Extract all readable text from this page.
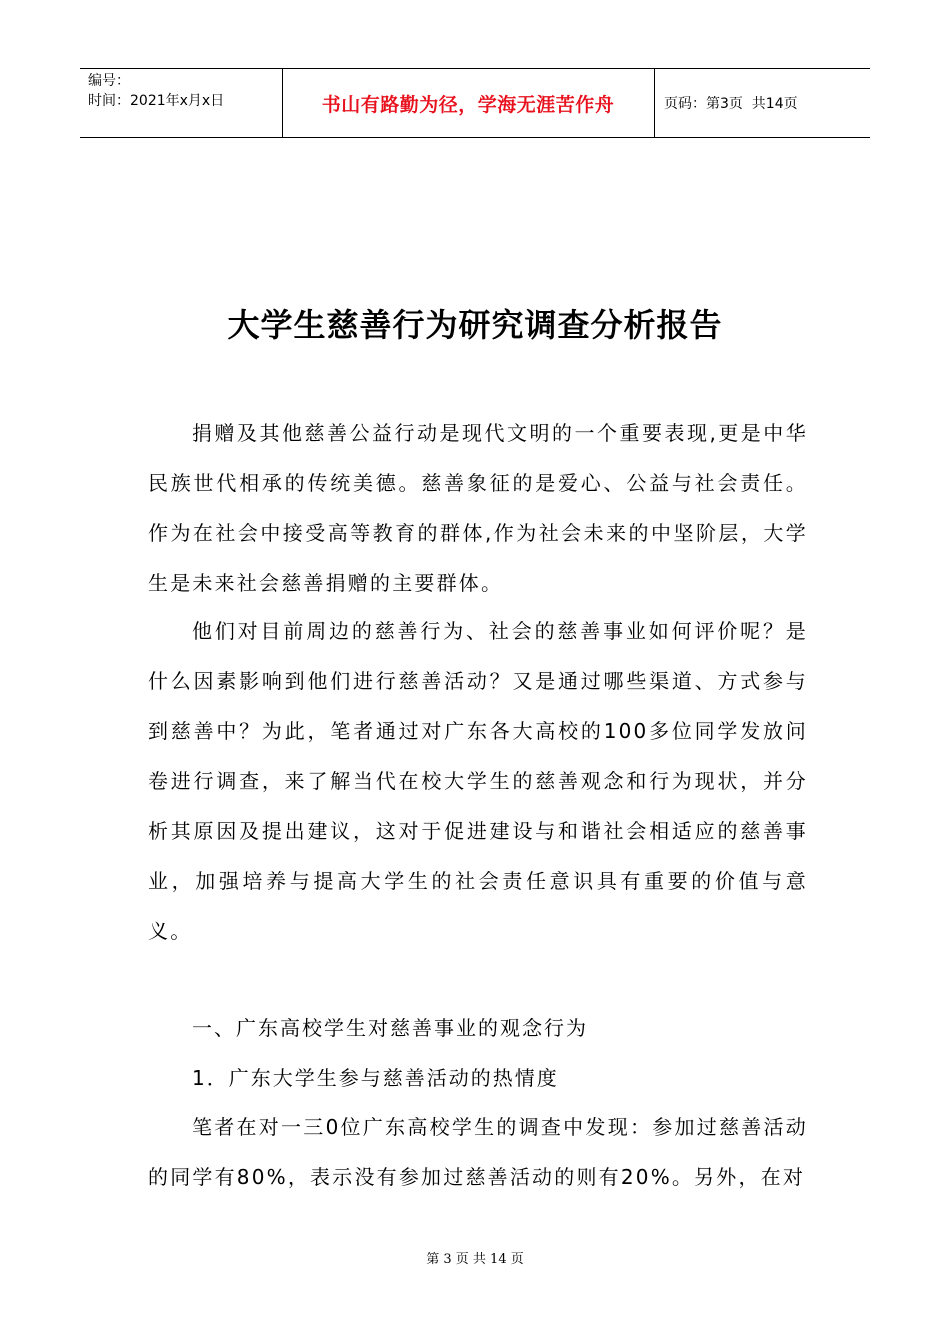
编号：
时间：2021年x月x日	书山有路勤为径，学海无涯苦作舟	页码：第3页  共14页
大学生慈善行为研究调查分析报告

捐赠及其他慈善公益行动是现代文明的一个重要表现,更是中华民族世代相承的传统美德。慈善象征的是爱心、公益与社会责任。作为在社会中接受高等教育的群体,作为社会未来的中坚阶层，大学生是未来社会慈善捐赠的主要群体。

他们对目前周边的慈善行为、社会的慈善事业如何评价呢？是什么因素影响到他们进行慈善活动？又是通过哪些渠道、方式参与到慈善中？为此，笔者通过对广东各大高校的100多位同学发放问卷进行调查，来了解当代在校大学生的慈善观念和行为现状，并分析其原因及提出建议，这对于促进建设与和谐社会相适应的慈善事业，加强培养与提高大学生的社会责任意识具有重要的价值与意义。

一、广东高校学生对慈善事业的观念行为

1．广东大学生参与慈善活动的热情度

笔者在对一三0位广东高校学生的调查中发现：参加过慈善活动的同学有80%，表示没有参加过慈善活动的则有20%。另外，在对

第 3 页 共 14 页
